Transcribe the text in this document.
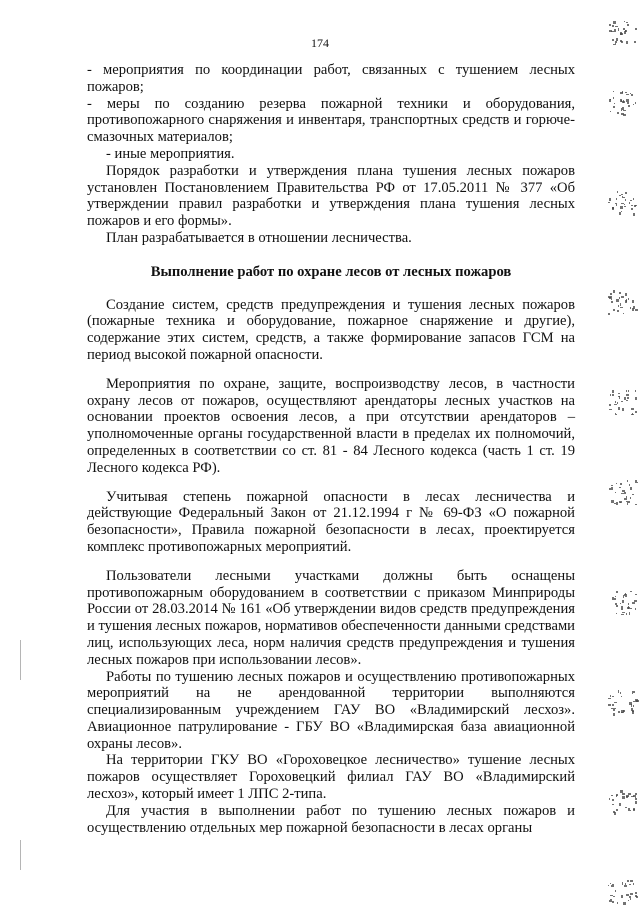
174

- мероприятия по координации работ, связанных с тушением лесных пожаров;

- меры по созданию резерва пожарной техники и оборудования, противопожарного снаряжения и инвентаря, транспортных средств и горюче-смазочных материалов;

- иные мероприятия.

Порядок разработки и утверждения плана тушения лесных пожаров установлен Постановлением Правительства РФ от 17.05.2011 № 377 «Об утверждении правил разработки и утверждения плана тушения лесных пожаров и его формы».

План разрабатывается в отношении лесничества.

Выполнение работ по охране лесов от лесных пожаров

Создание систем, средств предупреждения и тушения лесных пожаров (пожарные техника и оборудование, пожарное снаряжение и другие), содержание этих систем, средств, а также формирование запасов ГСМ на период высокой пожарной опасности.

Мероприятия по охране, защите, воспроизводству лесов, в частности охрану лесов от пожаров, осуществляют арендаторы лесных участков на основании проектов освоения лесов, а при отсутствии арендаторов – уполномоченные органы государственной власти в пределах их полномочий, определенных в соответствии со ст. 81 - 84 Лесного кодекса (часть 1 ст. 19 Лесного кодекса РФ).

Учитывая степень пожарной опасности в лесах лесничества и действующие Федеральный Закон от 21.12.1994 г № 69-ФЗ «О пожарной безопасности», Правила пожарной безопасности в лесах, проектируется комплекс противопожарных мероприятий.

Пользователи лесными участками должны быть оснащены противопожарным оборудованием в соответствии с приказом Минприроды России от 28.03.2014 № 161 «Об утверждении видов средств предупреждения и тушения лесных пожаров, нормативов обеспеченности данными средствами лиц, использующих леса, норм наличия средств предупреждения и тушения лесных пожаров при использовании лесов».

Работы по тушению лесных пожаров и осуществлению противопожарных мероприятий на не арендованной территории выполняются специализированным учреждением ГАУ ВО «Владимирский лесхоз». Авиационное патрулирование - ГБУ ВО «Владимирская база авиационной охраны лесов».

На территории ГКУ ВО «Гороховецкое лесничество» тушение лесных пожаров осуществляет Гороховецкий филиал ГАУ ВО «Владимирский лесхоз», который имеет 1 ЛПС 2-типа.

Для участия в выполнении работ по тушению лесных пожаров и осуществлению отдельных мер пожарной безопасности в лесах органы
